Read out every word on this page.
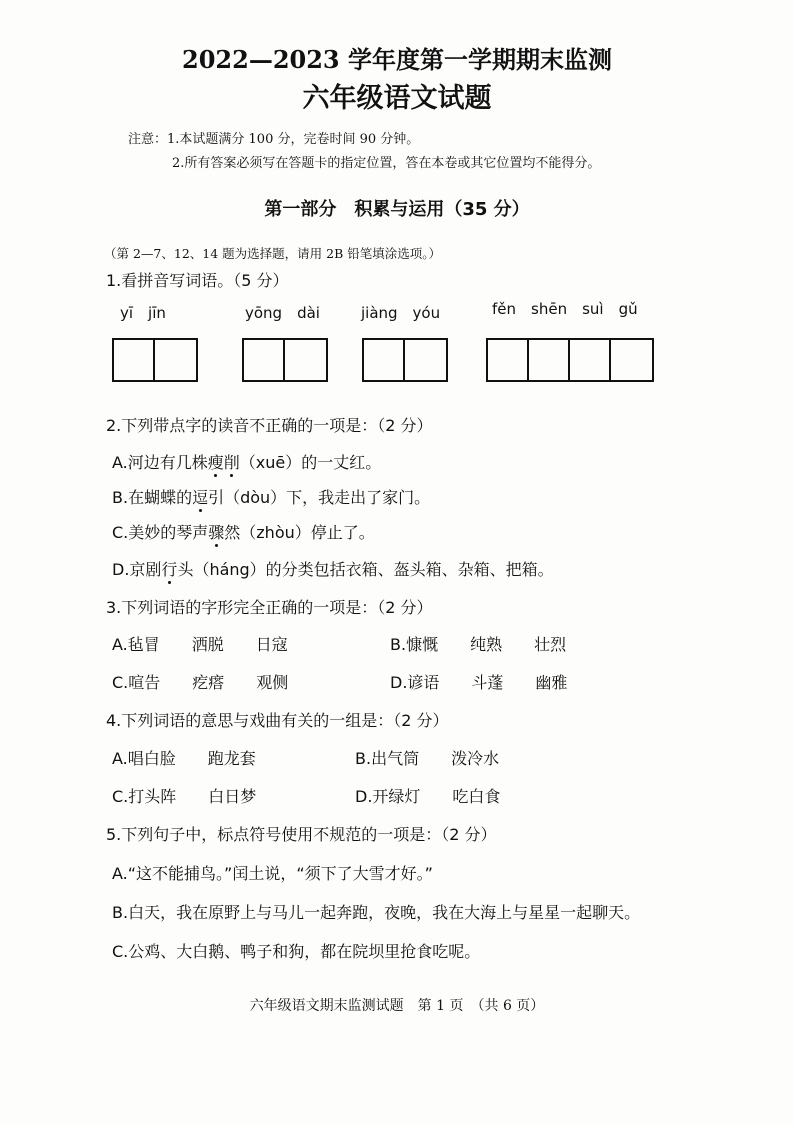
2022—2023 学年度第一学期期末监测
六年级语文试题
注意：1.本试题满分 100 分，完卷时间 90 分钟。
2.所有答案必须写在答题卡的指定位置，答在本卷或其它位置均不能得分。
第一部分　积累与运用（35 分）
（第 2—7、12、14 题为选择题，请用 2B 铅笔填涂选项。）
1.看拼音写词语。（5 分）
yī　jīn	yōng　dài	jiàng　yóu	fěn　shēn　suì　gǔ
2.下列带点字的读音不正确的一项是：（2 分）
A.河边有几株瘦削（xuē）的一丈红。
B.在蝴蝶的逗引（dòu）下，我走出了家门。
C.美妙的琴声骤然（zhòu）停止了。
D.京剧行头（háng）的分类包括衣箱、盔头箱、杂箱、把箱。
3.下列词语的字形完全正确的一项是：（2 分）
A.毡冒　　洒脱　　日寇	B.慷慨　　纯熟　　壮烈
C.喧告　　疙瘩　　观侧	D.谚语　　斗蓬　　幽雅
4.下列词语的意思与戏曲有关的一组是：（2 分）
A.唱白脸　　跑龙套	B.出气筒　　泼冷水
C.打头阵　　白日梦	D.开绿灯　　吃白食
5.下列句子中，标点符号使用不规范的一项是：（2 分）
A.“这不能捕鸟。”闰土说，“须下了大雪才好。”
B.白天，我在原野上与马儿一起奔跑，夜晚，我在大海上与星星一起聊天。
C.公鸡、大白鹅、鸭子和狗，都在院坝里抢食吃呢。
六年级语文期末监测试题　第 1 页　（共 6 页）
